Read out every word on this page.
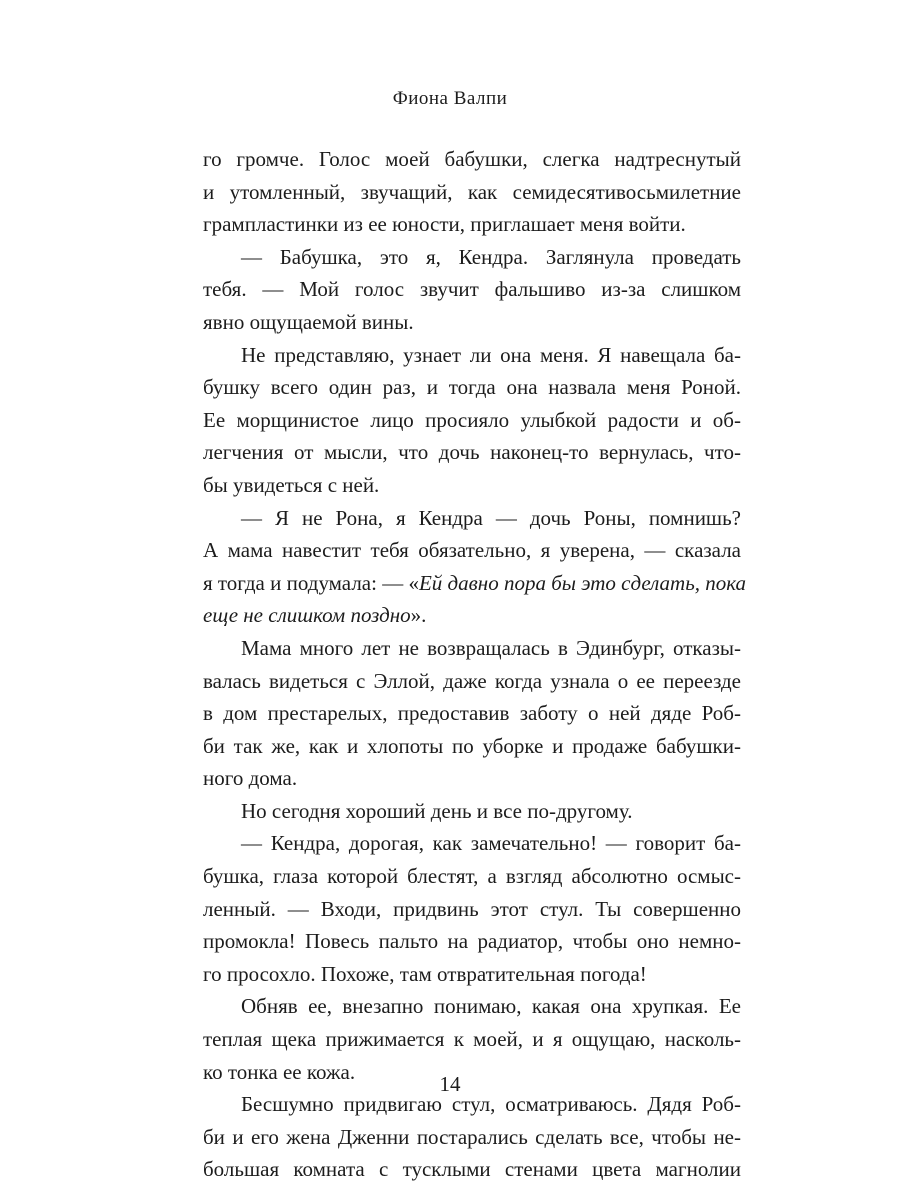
Фиона Валпи
го громче. Голос моей бабушки, слегка надтреснутый
и утомленный, звучащий, как семидесятивосьмилетние
грампластинки из ее юности, приглашает меня войти.
— Бабушка, это я, Кендра. Заглянула проведать
тебя. — Мой голос звучит фальшиво из-за слишком
явно ощущаемой вины.
Не представляю, узнает ли она меня. Я навещала ба-
бушку всего один раз, и тогда она назвала меня Роной.
Ее морщинистое лицо просияло улыбкой радости и об-
легчения от мысли, что дочь наконец-то вернулась, что-
бы увидеться с ней.
— Я не Рона, я Кендра — дочь Роны, помнишь?
А мама навестит тебя обязательно, я уверена, — сказала
я тогда и подумала: — «Ей давно пора бы это сделать, пока
еще не слишком поздно».
Мама много лет не возвращалась в Эдинбург, отказы-
валась видеться с Эллой, даже когда узнала о ее переезде
в дом престарелых, предоставив заботу о ней дяде Роб-
би так же, как и хлопоты по уборке и продаже бабушки-
ного дома.
Но сегодня хороший день и все по-другому.
— Кендра, дорогая, как замечательно! — говорит ба-
бушка, глаза которой блестят, а взгляд абсолютно осмыс-
ленный. — Входи, придвинь этот стул. Ты совершенно
промокла! Повесь пальто на радиатор, чтобы оно немно-
го просохло. Похоже, там отвратительная погода!
Обняв ее, внезапно понимаю, какая она хрупкая. Ее
теплая щека прижимается к моей, и я ощущаю, насколь-
ко тонка ее кожа.
Бесшумно придвигаю стул, осматриваюсь. Дядя Роб-
би и его жена Дженни постарались сделать все, чтобы не-
большая комната с тусклыми стенами цвета магнолии
14
